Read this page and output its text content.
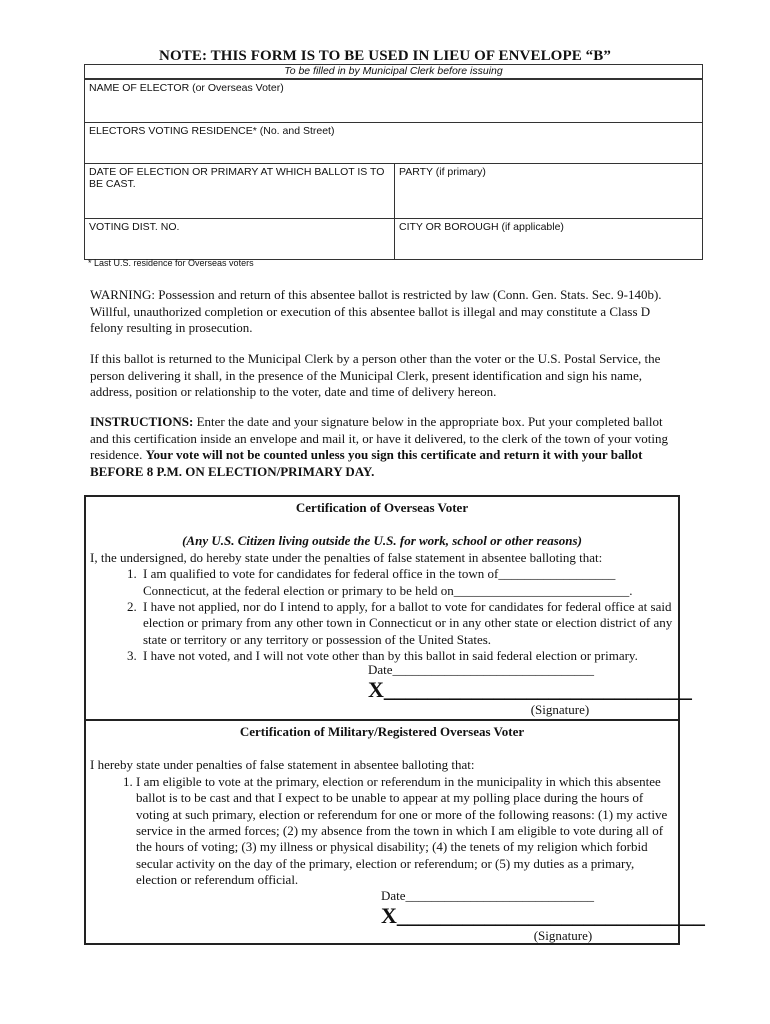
NOTE: THIS FORM IS TO BE USED IN LIEU OF ENVELOPE “B”
To be filled in by Municipal Clerk before issuing
NAME OF ELECTOR (or Overseas Voter)
ELECTORS VOTING RESIDENCE* (No. and Street)
DATE OF ELECTION OR PRIMARY AT WHICH BALLOT IS TO BE CAST.
PARTY (if primary)
VOTING DIST. NO.	CITY OR BOROUGH (if applicable)
* Last U.S. residence for Overseas voters
WARNING: Possession and return of this absentee ballot is restricted by law (Conn. Gen. Stats. Sec. 9-140b). Willful, unauthorized completion or execution of this absentee ballot is illegal and may constitute a Class D felony resulting in prosecution.
If this ballot is returned to the Municipal Clerk by a person other than the voter or the U.S. Postal Service, the person delivering it shall, in the presence of the Municipal Clerk, present identification and sign his name, address, position or relationship to the voter, date and time of delivery hereon.
INSTRUCTIONS: Enter the date and your signature below in the appropriate box. Put your completed ballot and this certification inside an envelope and mail it, or have it delivered, to the clerk of the town of your voting residence. Your vote will not be counted unless you sign this certificate and return it with your ballot BEFORE 8 P.M. ON ELECTION/PRIMARY DAY.
Certification of Overseas Voter
(Any U.S. Citizen living outside the U.S. for work, school or other reasons)
I, the undersigned, do hereby state under the penalties of false statement in absentee balloting that:
1. I am qualified to vote for candidates for federal office in the town of__________________ Connecticut, at the federal election or primary to be held on___________________________.
2. I have not applied, nor do I intend to apply, for a ballot to vote for candidates for federal office at said election or primary from any other town in Connecticut or in any other state or election district of any state or territory or any territory or possession of the United States.
3. I have not voted, and I will not vote other than by this ballot in said federal election or primary.
Date_______________________________
X____________________________
(Signature)
Certification of Military/Registered Overseas Voter
I hereby state under penalties of false statement in absentee balloting that:
1. I am eligible to vote at the primary, election or referendum in the municipality in which this absentee ballot is to be cast and that I expect to be unable to appear at my polling place during the hours of voting at such primary, election or referendum for one or more of the following reasons: (1) my active service in the armed forces; (2) my absence from the town in which I am eligible to vote during all of the hours of voting; (3) my illness or physical disability; (4) the tenets of my religion which forbid secular activity on the day of the primary, election or referendum; or (5) my duties as a primary, election or referendum official.
Date_____________________________
X____________________________
(Signature)
